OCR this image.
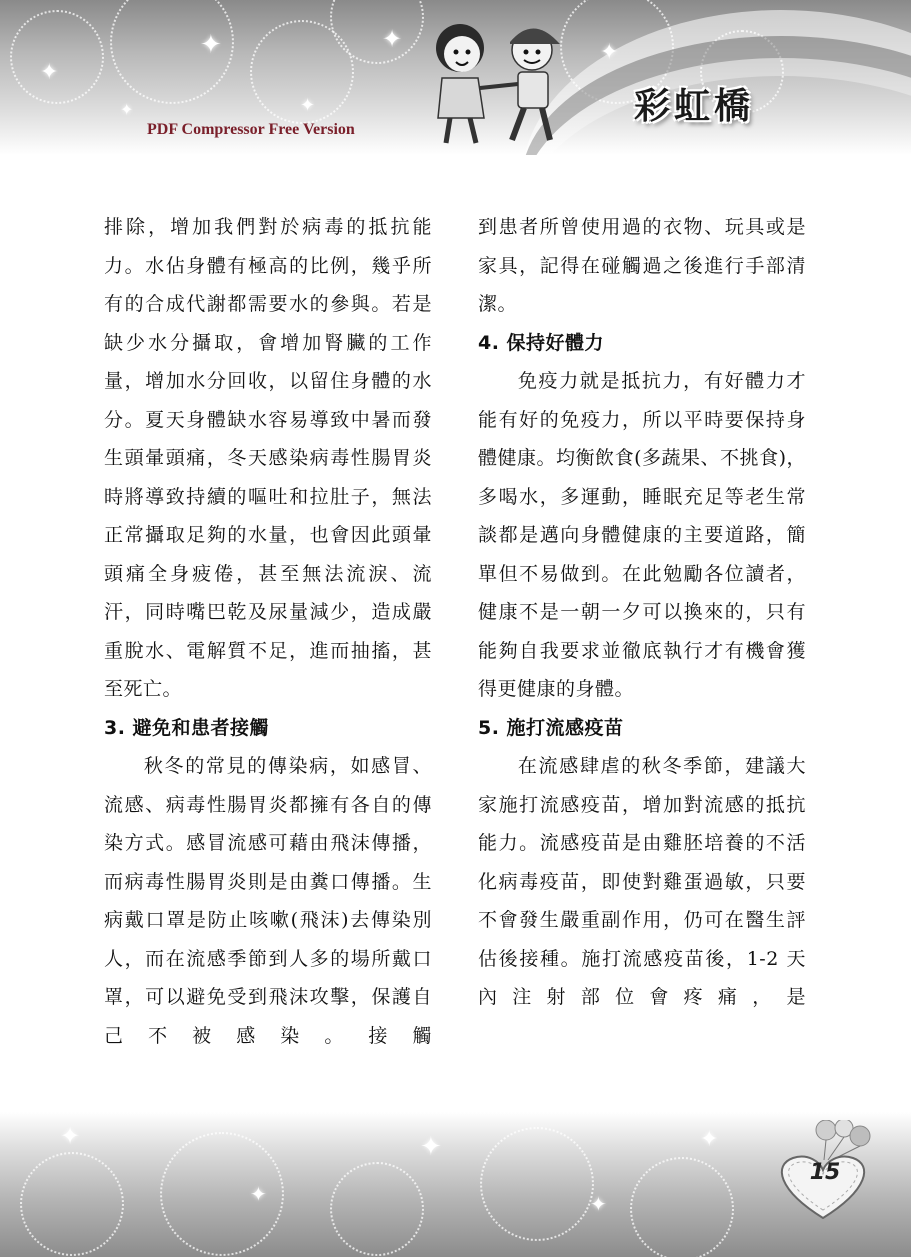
✦
✦
✦
✦	✦
✦	彩虹橋
PDF Compressor Free Version

排除，增加我們對於病毒的抵抗能力。水佔身體有極高的比例，幾乎所有的合成代謝都需要水的參與。若是缺少水分攝取，會增加腎臟的工作量，增加水分回收，以留住身體的水分。夏天身體缺水容易導致中暑而發生頭暈頭痛，冬天感染病毒性腸胃炎時將導致持續的嘔吐和拉肚子，無法正常攝取足夠的水量，也會因此頭暈頭痛全身疲倦，甚至無法流淚、流汗，同時嘴巴乾及尿量減少，造成嚴重脫水、電解質不足，進而抽搐，甚至死亡。

3. 避免和患者接觸

秋冬的常見的傳染病，如感冒、流感、病毒性腸胃炎都擁有各自的傳染方式。感冒流感可藉由飛沫傳播，而病毒性腸胃炎則是由糞口傳播。生病戴口罩是防止咳嗽(飛沫)去傳染別人，而在流感季節到人多的場所戴口罩，可以避免受到飛沫攻擊，保護自己不被感染。接觸

到患者所曾使用過的衣物、玩具或是家具，記得在碰觸過之後進行手部清潔。

4. 保持好體力

免疫力就是抵抗力，有好體力才能有好的免疫力，所以平時要保持身體健康。均衡飲食(多蔬果、不挑食)，多喝水，多運動，睡眠充足等老生常談都是邁向身體健康的主要道路，簡單但不易做到。在此勉勵各位讀者，健康不是一朝一夕可以換來的，只有能夠自我要求並徹底執行才有機會獲得更健康的身體。

5. 施打流感疫苗

在流感肆虐的秋冬季節，建議大家施打流感疫苗，增加對流感的抵抗能力。流感疫苗是由雞胚培養的不活化病毒疫苗，即使對雞蛋過敏，只要不會發生嚴重副作用，仍可在醫生評估後接種。施打流感疫苗後，1-2 天內注射部位會疼痛，是

✦
✦
✦
✦
✦
15
